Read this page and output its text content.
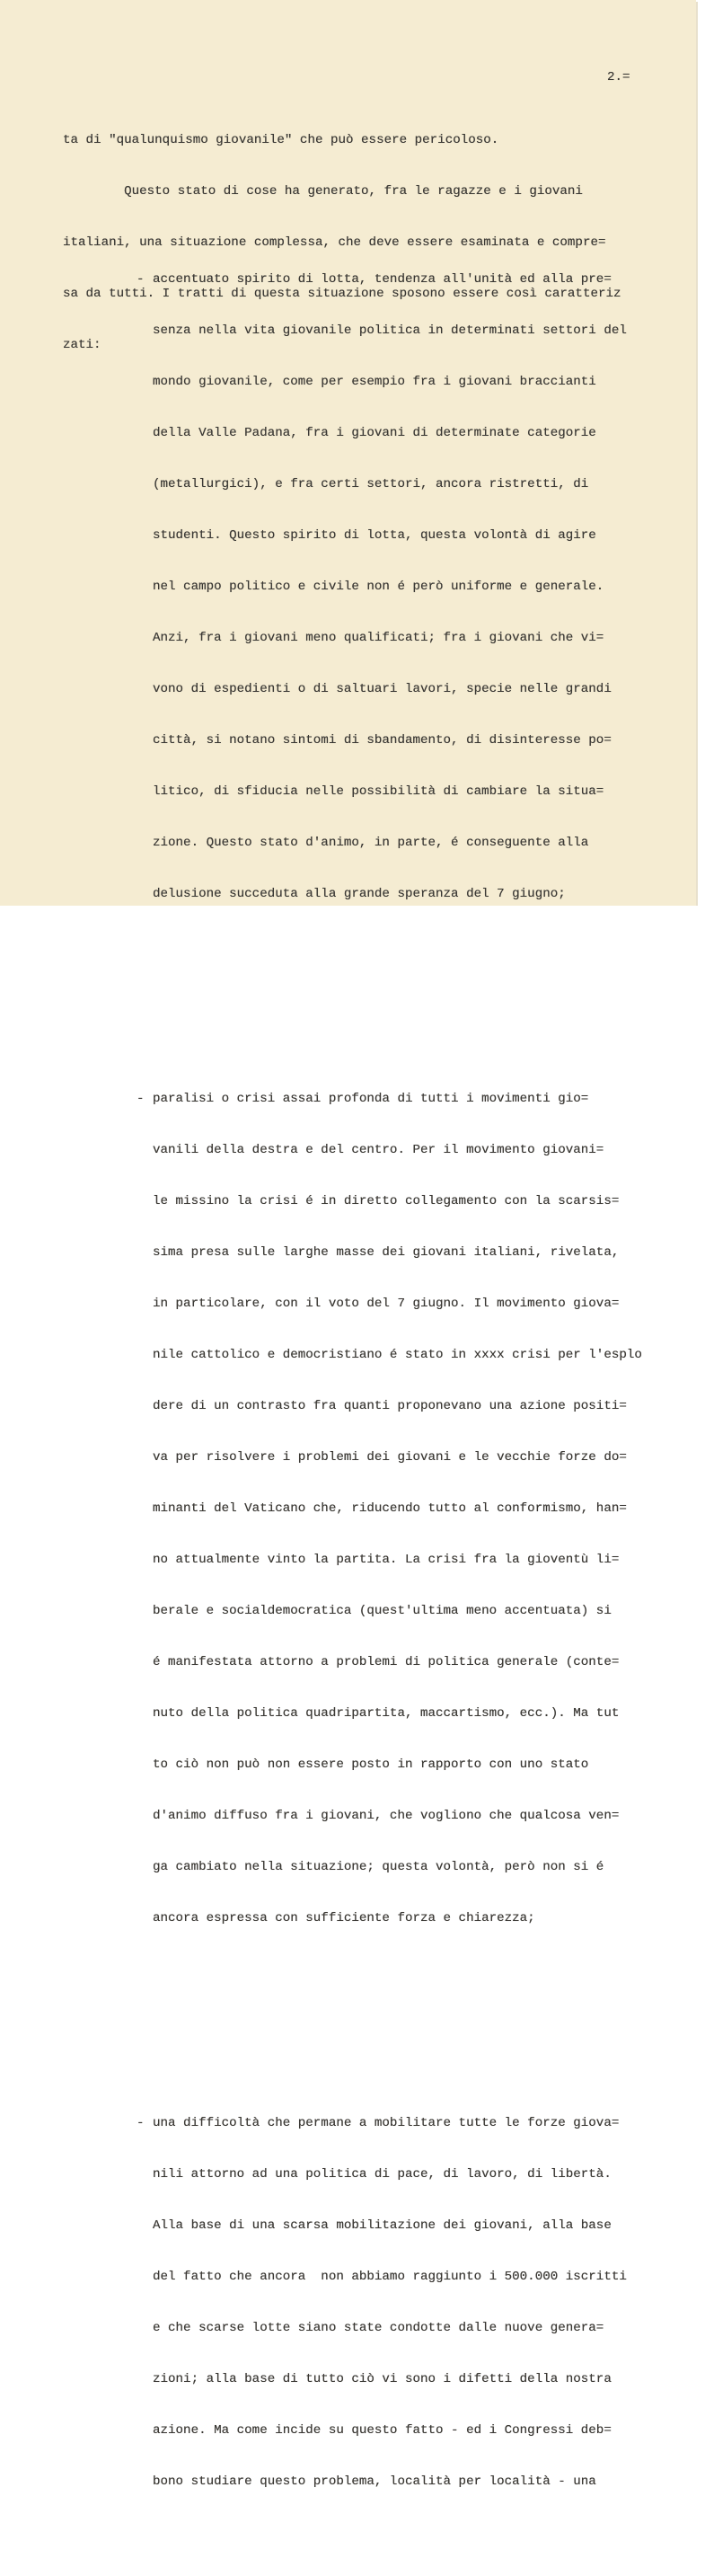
2.=

ta di "qualunquismo giovanile" che può essere pericoloso.

Questo stato di cose ha generato, fra le ragazze e i giovani

italiani, una situazione complessa, che deve essere esaminata e compre=

sa da tutti. I tratti di questa situazione sposono essere così caratteriz

zati:

- accentuato spirito di lotta, tendenza all'unità ed alla pre=

senza nella vita giovanile politica in determinati settori del

mondo giovanile, come per esempio fra i giovani braccianti

della Valle Padana, fra i giovani di determinate categorie

(metallurgici), e fra certi settori, ancora ristretti, di

studenti. Questo spirito di lotta, questa volontà di agire

nel campo politico e civile non é però uniforme e generale.

Anzi, fra i giovani meno qualificati; fra i giovani che vi=

vono di espedienti o di saltuari lavori, specie nelle grandi

città, si notano sintomi di sbandamento, di disinteresse po=

litico, di sfiducia nelle possibilità di cambiare la situa=

zione. Questo stato d'animo, in parte, é conseguente alla

delusione succeduta alla grande speranza del 7 giugno;

- paralisi o crisi assai profonda di tutti i movimenti gio=

vanili della destra e del centro. Per il movimento giovani=

le missino la crisi é in diretto collegamento con la scarsis=

sima presa sulle larghe masse dei giovani italiani, rivelata,

in particolare, con il voto del 7 giugno. Il movimento giova=

nile cattolico e democristiano é stato in xxxx crisi per l'esplo

dere di un contrasto fra quanti proponevano una azione positi=

va per risolvere i problemi dei giovani e le vecchie forze do=

minanti del Vaticano che, riducendo tutto al conformismo, han=

no attualmente vinto la partita. La crisi fra la gioventù li=

berale e socialdemocratica (quest'ultima meno accentuata) si

é manifestata attorno a problemi di politica generale (conte=

nuto della politica quadripartita, maccartismo, ecc.). Ma tut

to ciò non può non essere posto in rapporto con uno stato

d'animo diffuso fra i giovani, che vogliono che qualcosa ven=

ga cambiato nella situazione; questa volontà, però non si é

ancora espressa con sufficiente forza e chiarezza;

- una difficoltà che permane a mobilitare tutte le forze giova=

nili attorno ad una politica di pace, di lavoro, di libertà.

Alla base di una scarsa mobilitazione dei giovani, alla base

del fatto che ancora  non abbiamo raggiunto i 500.000 iscritti

e che scarse lotte siano state condotte dalle nuove genera=

zioni; alla base di tutto ciò vi sono i difetti della nostra

azione. Ma come incide su questo fatto - ed i Congressi deb=

bono studiare questo problema, località per località - una
